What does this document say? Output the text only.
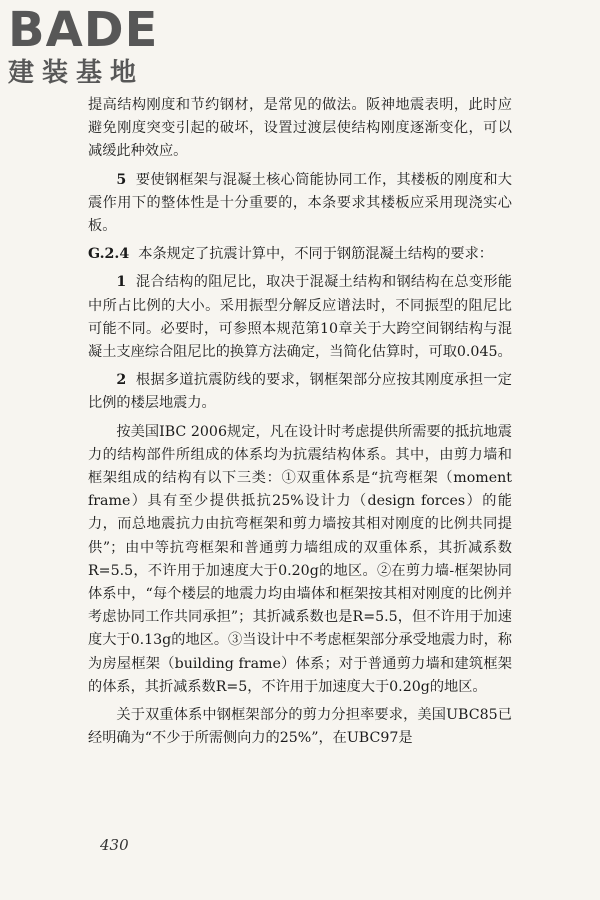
BADE
建装基地

提高结构刚度和节约钢材，是常见的做法。阪神地震表明，此时应避免刚度突变引起的破坏，设置过渡层使结构刚度逐渐变化，可以减缓此种效应。

5 要使钢框架与混凝土核心筒能协同工作，其楼板的刚度和大震作用下的整体性是十分重要的，本条要求其楼板应采用现浇实心板。

G.2.4 本条规定了抗震计算中，不同于钢筋混凝土结构的要求：

1 混合结构的阻尼比，取决于混凝土结构和钢结构在总变形能中所占比例的大小。采用振型分解反应谱法时，不同振型的阻尼比可能不同。必要时，可参照本规范第10章关于大跨空间钢结构与混凝土支座综合阻尼比的换算方法确定，当简化估算时，可取0.045。

2 根据多道抗震防线的要求，钢框架部分应按其刚度承担一定比例的楼层地震力。

按美国IBC 2006规定，凡在设计时考虑提供所需要的抵抗地震力的结构部件所组成的体系均为抗震结构体系。其中，由剪力墙和框架组成的结构有以下三类：①双重体系是“抗弯框架（moment frame）具有至少提供抵抗25%设计力（design forces）的能力，而总地震抗力由抗弯框架和剪力墙按其相对刚度的比例共同提供”；由中等抗弯框架和普通剪力墙组成的双重体系，其折减系数R=5.5，不许用于加速度大于0.20g的地区。②在剪力墙-框架协同体系中，“每个楼层的地震力均由墙体和框架按其相对刚度的比例并考虑协同工作共同承担”；其折减系数也是R=5.5，但不许用于加速度大于0.13g的地区。③当设计中不考虑框架部分承受地震力时，称为房屋框架（building frame）体系；对于普通剪力墙和建筑框架的体系，其折减系数R=5，不许用于加速度大于0.20g的地区。

关于双重体系中钢框架部分的剪力分担率要求，美国UBC85已经明确为“不少于所需侧向力的25%”，在UBC97是

430
